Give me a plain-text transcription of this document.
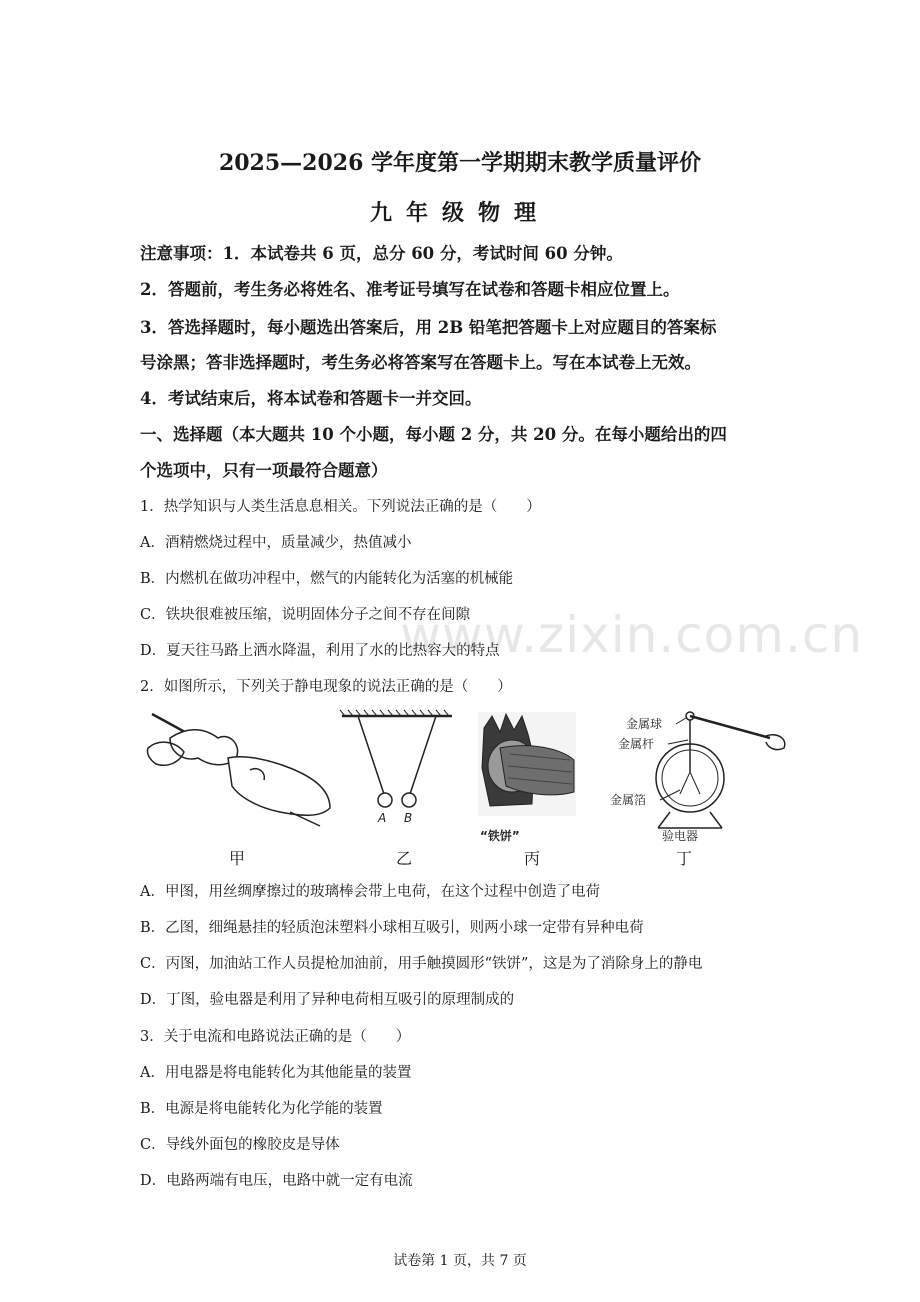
www.zixin.com.cn
2025—2026 学年度第一学期期末教学质量评价
九年级物理
注意事项：1．本试卷共 6 页，总分 60 分，考试时间 60 分钟。
2．答题前，考生务必将姓名、准考证号填写在试卷和答题卡相应位置上。
3．答选择题时，每小题选出答案后，用 2B 铅笔把答题卡上对应题目的答案标
号涂黑；答非选择题时，考生务必将答案写在答题卡上。写在本试卷上无效。
4．考试结束后，将本试卷和答题卡一并交回。
一、选择题（本大题共 10 个小题，每小题 2 分，共 20 分。在每小题给出的四
个选项中，只有一项最符合题意）
1．热学知识与人类生活息息相关。下列说法正确的是（　　）
A．酒精燃烧过程中，质量减少，热值减小
B．内燃机在做功冲程中，燃气的内能转化为活塞的机械能
C．铁块很难被压缩，说明固体分子之间不存在间隙
D．夏天往马路上洒水降温，利用了水的比热容大的特点
2．如图所示，下列关于静电现象的说法正确的是（　　）
A B
“铁饼”
金属球
金属杆
金属箔
验电器
甲	乙	丙	丁
A．甲图，用丝绸摩擦过的玻璃棒会带上电荷，在这个过程中创造了电荷
B．乙图，细绳悬挂的轻质泡沫塑料小球相互吸引，则两小球一定带有异种电荷
C．丙图，加油站工作人员提枪加油前，用手触摸圆形“铁饼”，这是为了消除身上的静电
D．丁图，验电器是利用了异种电荷相互吸引的原理制成的
3．关于电流和电路说法正确的是（　　）
A．用电器是将电能转化为其他能量的装置
B．电源是将电能转化为化学能的装置
C．导线外面包的橡胶皮是导体
D．电路两端有电压，电路中就一定有电流
试卷第 1 页，共 7 页
